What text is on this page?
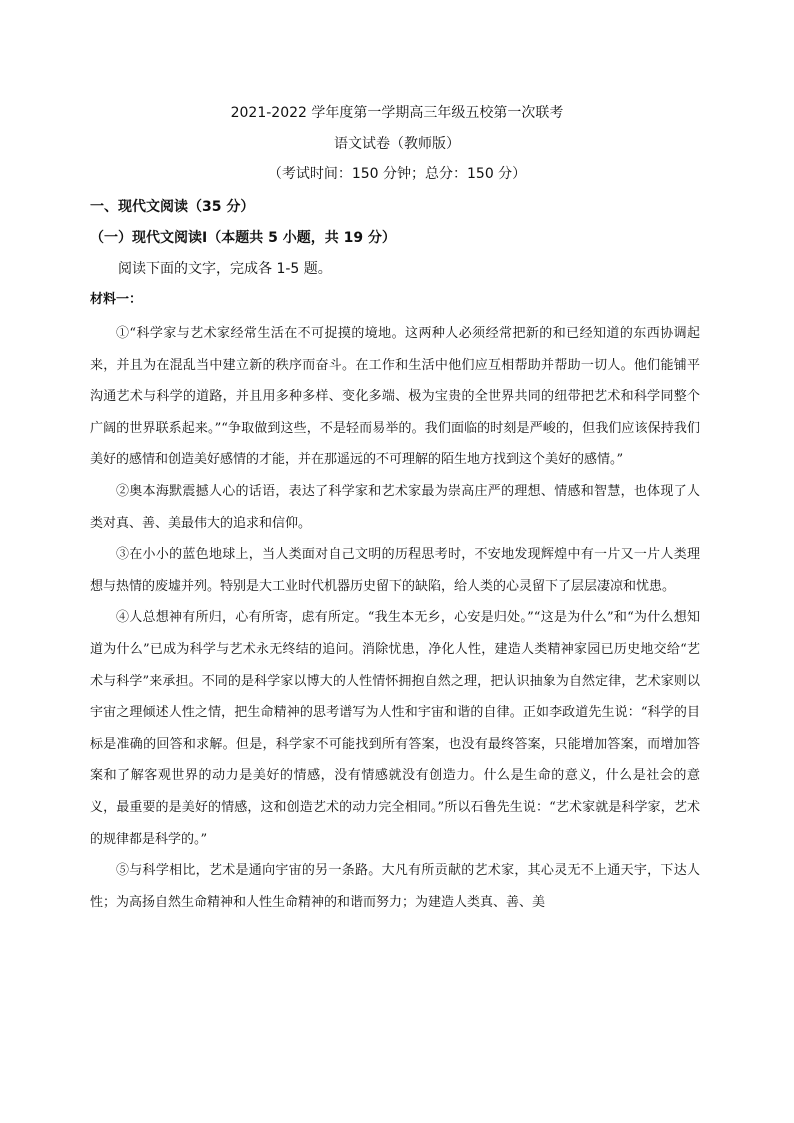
2021-2022 学年度第一学期高三年级五校第一次联考
语文试卷（教师版）
（考试时间：150 分钟；总分：150 分）
一、现代文阅读（35 分）
（一）现代文阅读Ⅰ（本题共 5 小题，共 19 分）
阅读下面的文字，完成各 1-5 题。
材料一：

①“科学家与艺术家经常生活在不可捉摸的境地。这两种人必须经常把新的和已经知道的东西协调起来，并且为在混乱当中建立新的秩序而奋斗。在工作和生活中他们应互相帮助并帮助一切人。他们能铺平沟通艺术与科学的道路，并且用多种多样、变化多端、极为宝贵的全世界共同的纽带把艺术和科学同整个广阔的世界联系起来。”“争取做到这些，不是轻而易举的。我们面临的时刻是严峻的，但我们应该保持我们美好的感情和创造美好感情的才能，并在那遥远的不可理解的陌生地方找到这个美好的感情。”

②奥本海默震撼人心的话语，表达了科学家和艺术家最为崇高庄严的理想、情感和智慧，也体现了人类对真、善、美最伟大的追求和信仰。

③在小小的蓝色地球上，当人类面对自己文明的历程思考时，不安地发现辉煌中有一片又一片人类理想与热情的废墟并列。特别是大工业时代机器历史留下的缺陷，给人类的心灵留下了层层凄凉和忧患。

④人总想神有所归，心有所寄，虑有所定。“我生本无乡，心安是归处。”“这是为什么”和“为什么想知道为什么”已成为科学与艺术永无终结的追问。消除忧患，净化人性，建造人类精神家园已历史地交给“艺术与科学”来承担。不同的是科学家以博大的人性情怀拥抱自然之理，把认识抽象为自然定律，艺术家则以宇宙之理倾述人性之情，把生命精神的思考谱写为人性和宇宙和谐的自律。正如李政道先生说：“科学的目标是准确的回答和求解。但是，科学家不可能找到所有答案，也没有最终答案，只能增加答案，而增加答案和了解客观世界的动力是美好的情感，没有情感就没有创造力。什么是生命的意义，什么是社会的意义，最重要的是美好的情感，这和创造艺术的动力完全相同。”所以石鲁先生说：“艺术家就是科学家，艺术的规律都是科学的。”

⑤与科学相比，艺术是通向宇宙的另一条路。大凡有所贡献的艺术家，其心灵无不上通天宇，下达人性；为高扬自然生命精神和人性生命精神的和谐而努力；为建造人类真、善、美
